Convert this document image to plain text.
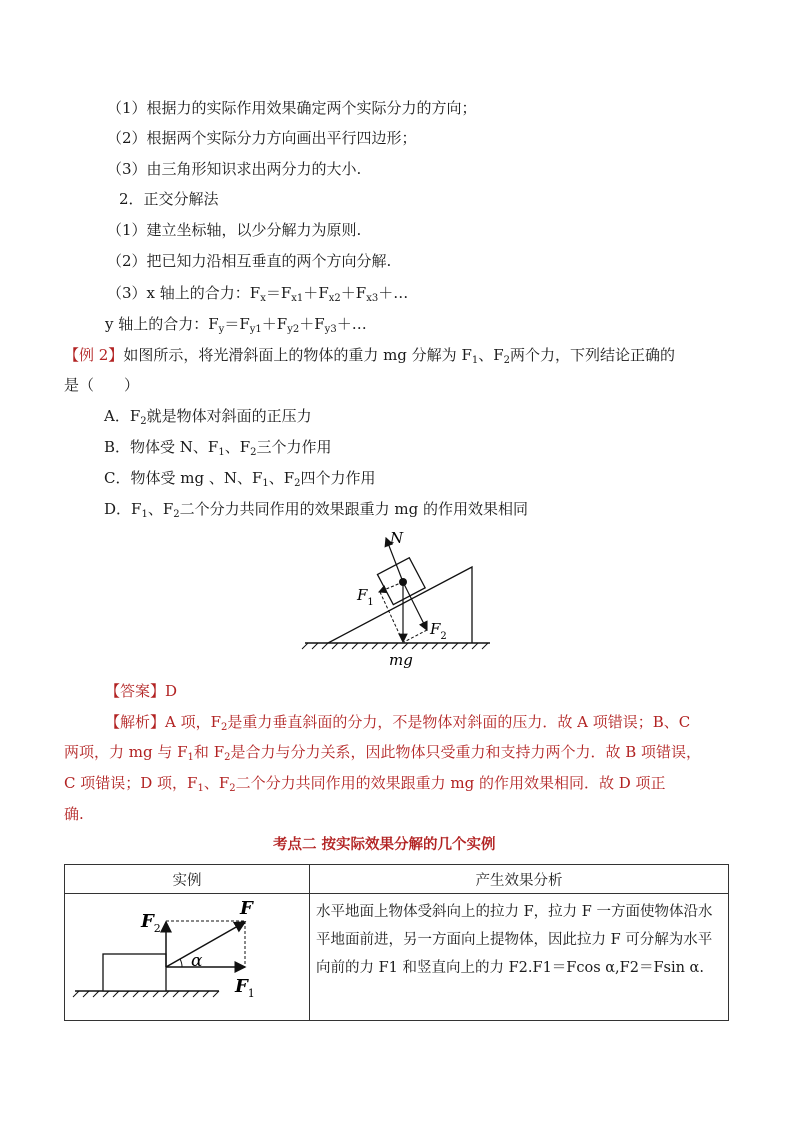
（1）根据力的实际作用效果确定两个实际分力的方向；
（2）根据两个实际分力方向画出平行四边形；
（3）由三角形知识求出两分力的大小.
2．正交分解法
（1）建立坐标轴，以少分解力为原则.
（2）把已知力沿相互垂直的两个方向分解.
（3）x 轴上的合力：$F_x=F_{x1}+F_{x2}+F_{x3}+\dots$
y 轴上的合力：$F_y=F_{y1}+F_{y2}+F_{y3}+\dots$
【例 2】如图所示，将光滑斜面上的物体的重力 mg 分解为 $F_1$、$F_2$两个力，下列结论正确的
是（　　）
A．$F_2$就是物体对斜面的正压力
B．物体受 N、$F_1$、$F_2$三个力作用
C．物体受 mg 、N、$F_1$、$F_2$四个力作用
D．$F_1$、$F_2$二个分力共同作用的效果跟重力 mg 的作用效果相同
N
$F_1$
$F_2$
mg
【答案】D
【解析】A 项，$F_2$是重力垂直斜面的分力，不是物体对斜面的压力．故 A 项错误；B、C
两项，力 mg 与 $F_1$和 $F_2$是合力与分力关系，因此物体只受重力和支持力两个力．故 B 项错误，
C 项错误；D 项，$F_1$、$F_2$二个分力共同作用的效果跟重力 mg 的作用效果相同．故 D 项正
确.
考点二 按实际效果分解的几个实例
实例	产生效果分析

F
$F_2$
$F_1$
α	水平地面上物体受斜向上的拉力 F，拉力 F 一方面使物体沿水平地面前进，另一方面向上提物体，因此拉力 F 可分解为水平向前的力 F1 和竖直向上的力 F2.F1＝Fcos α,F2＝Fsin α.
